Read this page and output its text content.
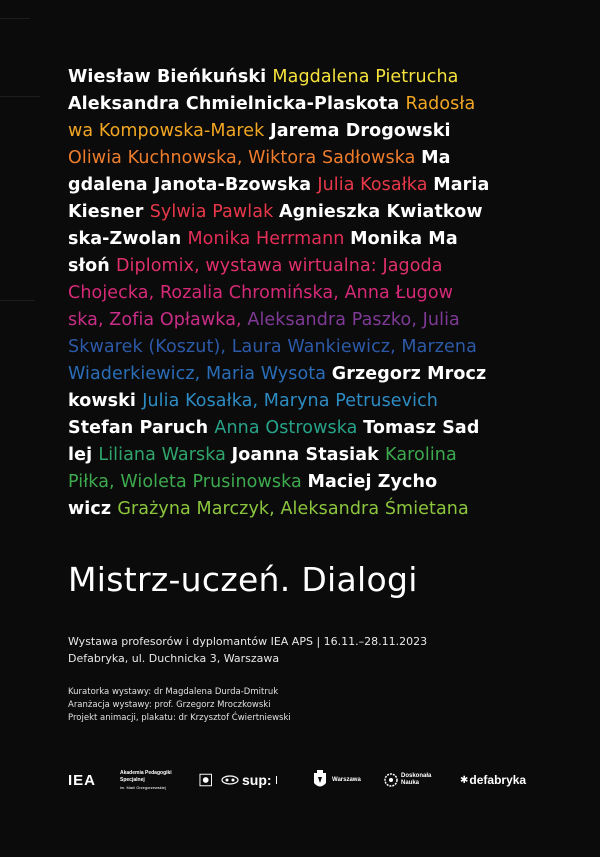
Wiesław Bieńkuński Magdalena Pietrucha
Aleksandra Chmielnicka-Plaskota Radosła
wa Kompowska-Marek Jarema Drogowski
Oliwia Kuchnowska, Wiktora Sadłowska Ma
gdalena Janota-Bzowska Julia Kosałka Maria
Kiesner Sylwia Pawlak Agnieszka Kwiatkow
ska-Zwolan Monika Herrmann Monika Ma
słoń Diplomix, wystawa wirtualna: Jagoda
Chojecka, Rozalia Chromińska, Anna Ługow
ska, Zofia Opławka, Aleksandra Paszko, Julia
Skwarek (Koszut), Laura Wankiewicz, Marzena
Wiaderkiewicz, Maria Wysota Grzegorz Mrocz
kowski Julia Kosałka, Maryna Petrusevich
Stefan Paruch Anna Ostrowska Tomasz Sad
lej Liliana Warska Joanna Stasiak Karolina
Piłka, Wioleta Prusinowska Maciej Zycho
wicz Grażyna Marczyk, Aleksandra Śmietana
Mistrz-uczeń. Dialogi
Wystawa profesorów i dyplomantów IEA APS | 16.11.–28.11.2023
Defabryka, ul. Duchnicka 3, Warszawa
Kuratorka wystawy: dr Magdalena Durda-Dmitruk
Aranżacja wystawy: prof. Grzegorz Mroczkowski
Projekt animacji, plakatu: dr Krzysztof Ćwiertniewski
IEA	Akademia Pedagogiki Specjalnej
im. Marii Grzegorzewskiej	sup:	Warszawa
Doskonała
Nauka	✱ defabryka
